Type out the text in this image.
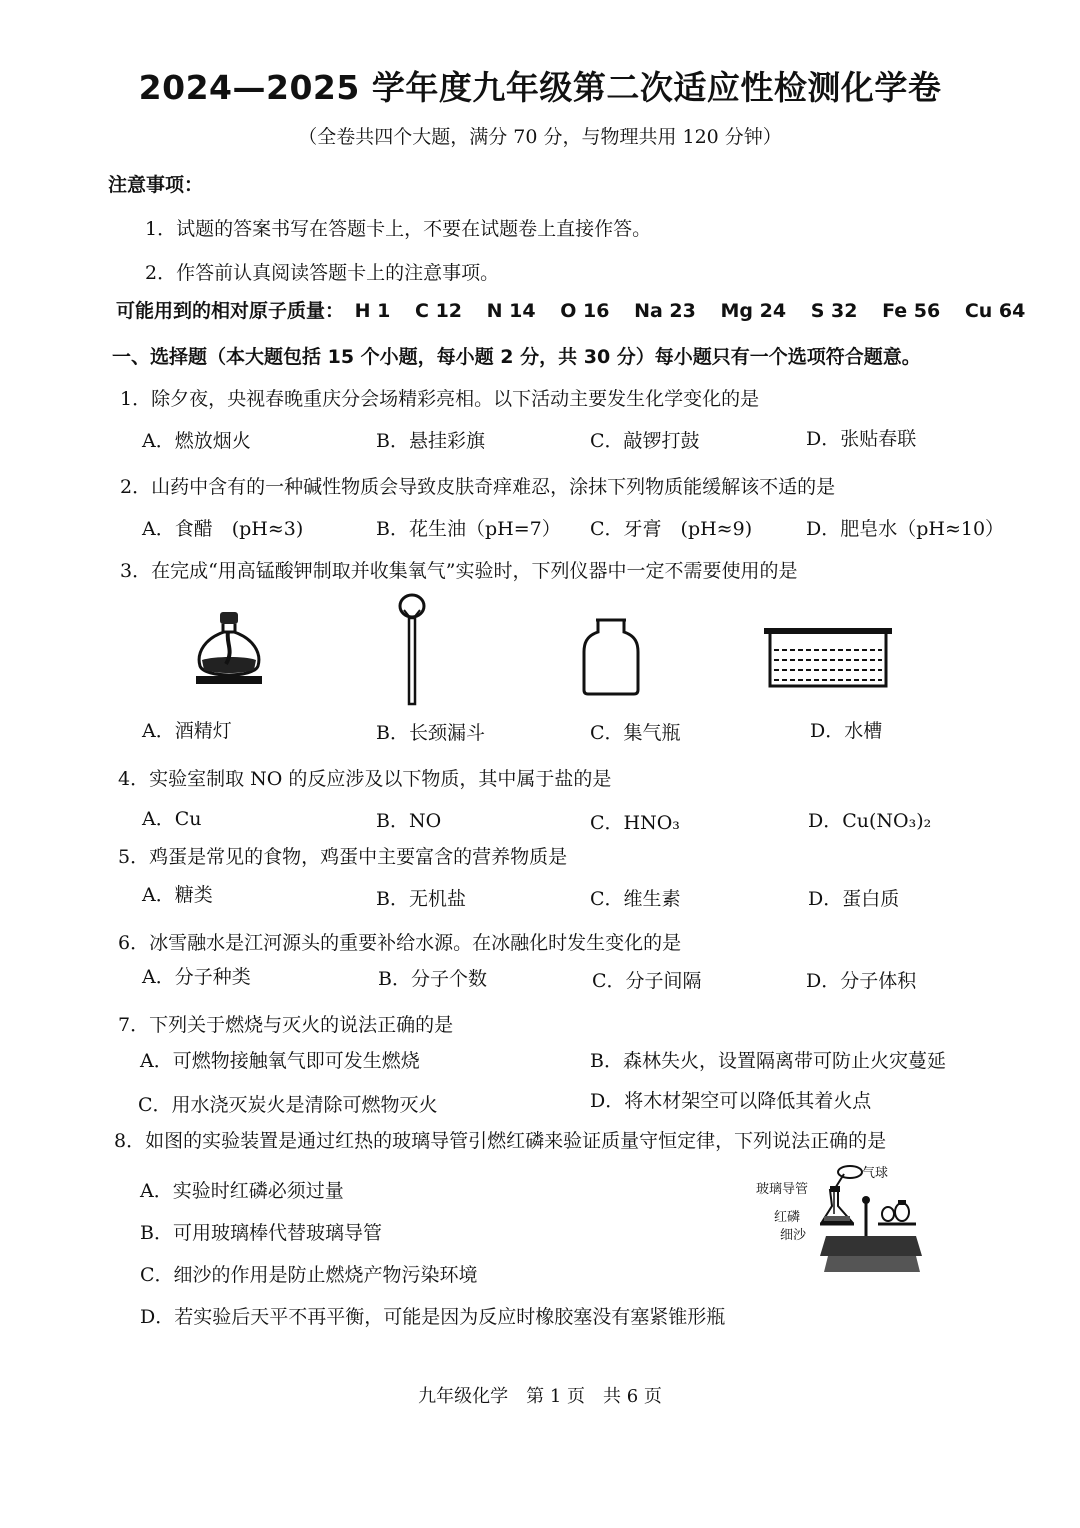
2024—2025 学年度九年级第二次适应性检测化学卷
（全卷共四个大题，满分 70 分，与物理共用 120 分钟）
注意事项：
1．试题的答案书写在答题卡上，不要在试题卷上直接作答。
2．作答前认真阅读答题卡上的注意事项。
可能用到的相对原子质量： H 1 C 12 N 14 O 16 Na 23 Mg 24 S 32 Fe 56 Cu 64
一、选择题（本大题包括 15 个小题，每小题 2 分，共 30 分）每小题只有一个选项符合题意。
1．除夕夜，央视春晚重庆分会场精彩亮相。以下活动主要发生化学变化的是
A．燃放烟火	B．悬挂彩旗	C．敲锣打鼓	D．张贴春联
2．山药中含有的一种碱性物质会导致皮肤奇痒难忍，涂抹下列物质能缓解该不适的是
A．食醋　(pH≈3)	B．花生油（pH=7） C．牙膏　(pH≈9)	D．肥皂水（pH≈10）
3．在完成“用高锰酸钾制取并收集氧气”实验时，下列仪器中一定不需要使用的是
A．酒精灯	B．长颈漏斗	C．集气瓶	D．水槽
4．实验室制取 NO 的反应涉及以下物质，其中属于盐的是
A．Cu	B．NO	C．HNO₃	D．Cu(NO₃)₂
5．鸡蛋是常见的食物，鸡蛋中主要富含的营养物质是
A．糖类	B．无机盐	C．维生素	D．蛋白质
6．冰雪融水是江河源头的重要补给水源。在冰融化时发生变化的是
A．分子种类	B．分子个数	C．分子间隔	D．分子体积
7．下列关于燃烧与灭火的说法正确的是
A．可燃物接触氧气即可发生燃烧	B．森林失火，设置隔离带可防止火灾蔓延
C．用水浇灭炭火是清除可燃物灭火	D．将木材架空可以降低其着火点
8．如图的实验装置是通过红热的玻璃导管引燃红磷来验证质量守恒定律，下列说法正确的是
A．实验时红磷必须过量
B．可用玻璃棒代替玻璃导管
C．细沙的作用是防止燃烧产物污染环境
D．若实验后天平不再平衡，可能是因为反应时橡胶塞没有塞紧锥形瓶
玻璃导管
气球
红磷
细沙
九年级化学　第 1 页　共 6 页
